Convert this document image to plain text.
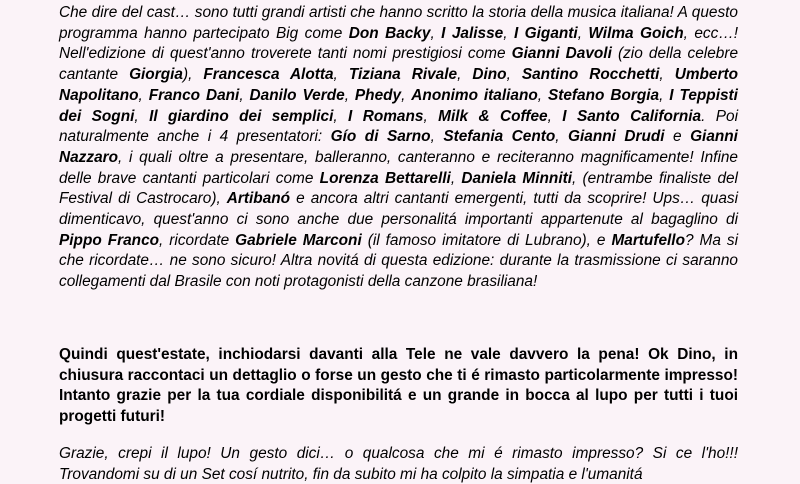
Che dire del cast… sono tutti grandi artisti che hanno scritto la storia della musica italiana! A questo programma hanno partecipato Big come Don Backy, I Jalisse, I Giganti, Wilma Goich, ecc…! Nell'edizione di quest'anno troverete tanti nomi prestigiosi come Gianni Davoli (zio della celebre cantante Giorgia), Francesca Alotta, Tiziana Rivale, Dino, Santino Rocchetti, Umberto Napolitano, Franco Dani, Danilo Verde, Phedy, Anonimo italiano, Stefano Borgia, I Teppisti dei Sogni, Il giardino dei semplici, I Romans, Milk & Coffee, I Santo California. Poi naturalmente anche i 4 presentatori: Gío di Sarno, Stefania Cento, Gianni Drudi e Gianni Nazzaro, i quali oltre a presentare, balleranno, canteranno e reciteranno magnificamente! Infine delle brave cantanti particolari come Lorenza Bettarelli, Daniela Minniti, (entrambe finaliste del Festival di Castrocaro), Artibanó e ancora altri cantanti emergenti, tutti da scoprire! Ups… quasi dimenticavo, quest'anno ci sono anche due personalitá importanti appartenute al bagaglino di Pippo Franco, ricordate Gabriele Marconi (il famoso imitatore di Lubrano), e Martufello? Ma si che ricordate… ne sono sicuro! Altra novitá di questa edizione: durante la trasmissione ci saranno collegamenti dal Brasile con noti protagonisti della canzone brasiliana!

Quindi quest'estate, inchiodarsi davanti alla Tele ne vale davvero la pena! Ok Dino, in chiusura raccontaci un dettaglio o forse un gesto che ti é rimasto particolarmente impresso! Intanto grazie per la tua cordiale disponibilitá e un grande in bocca al lupo per tutti i tuoi progetti futuri!

Grazie, crepi il lupo! Un gesto dici… o qualcosa che mi é rimasto impresso? Si ce l'ho!!! Trovandomi su di un Set cosí nutrito, fin da subito mi ha colpito la simpatia e l'umanitá
